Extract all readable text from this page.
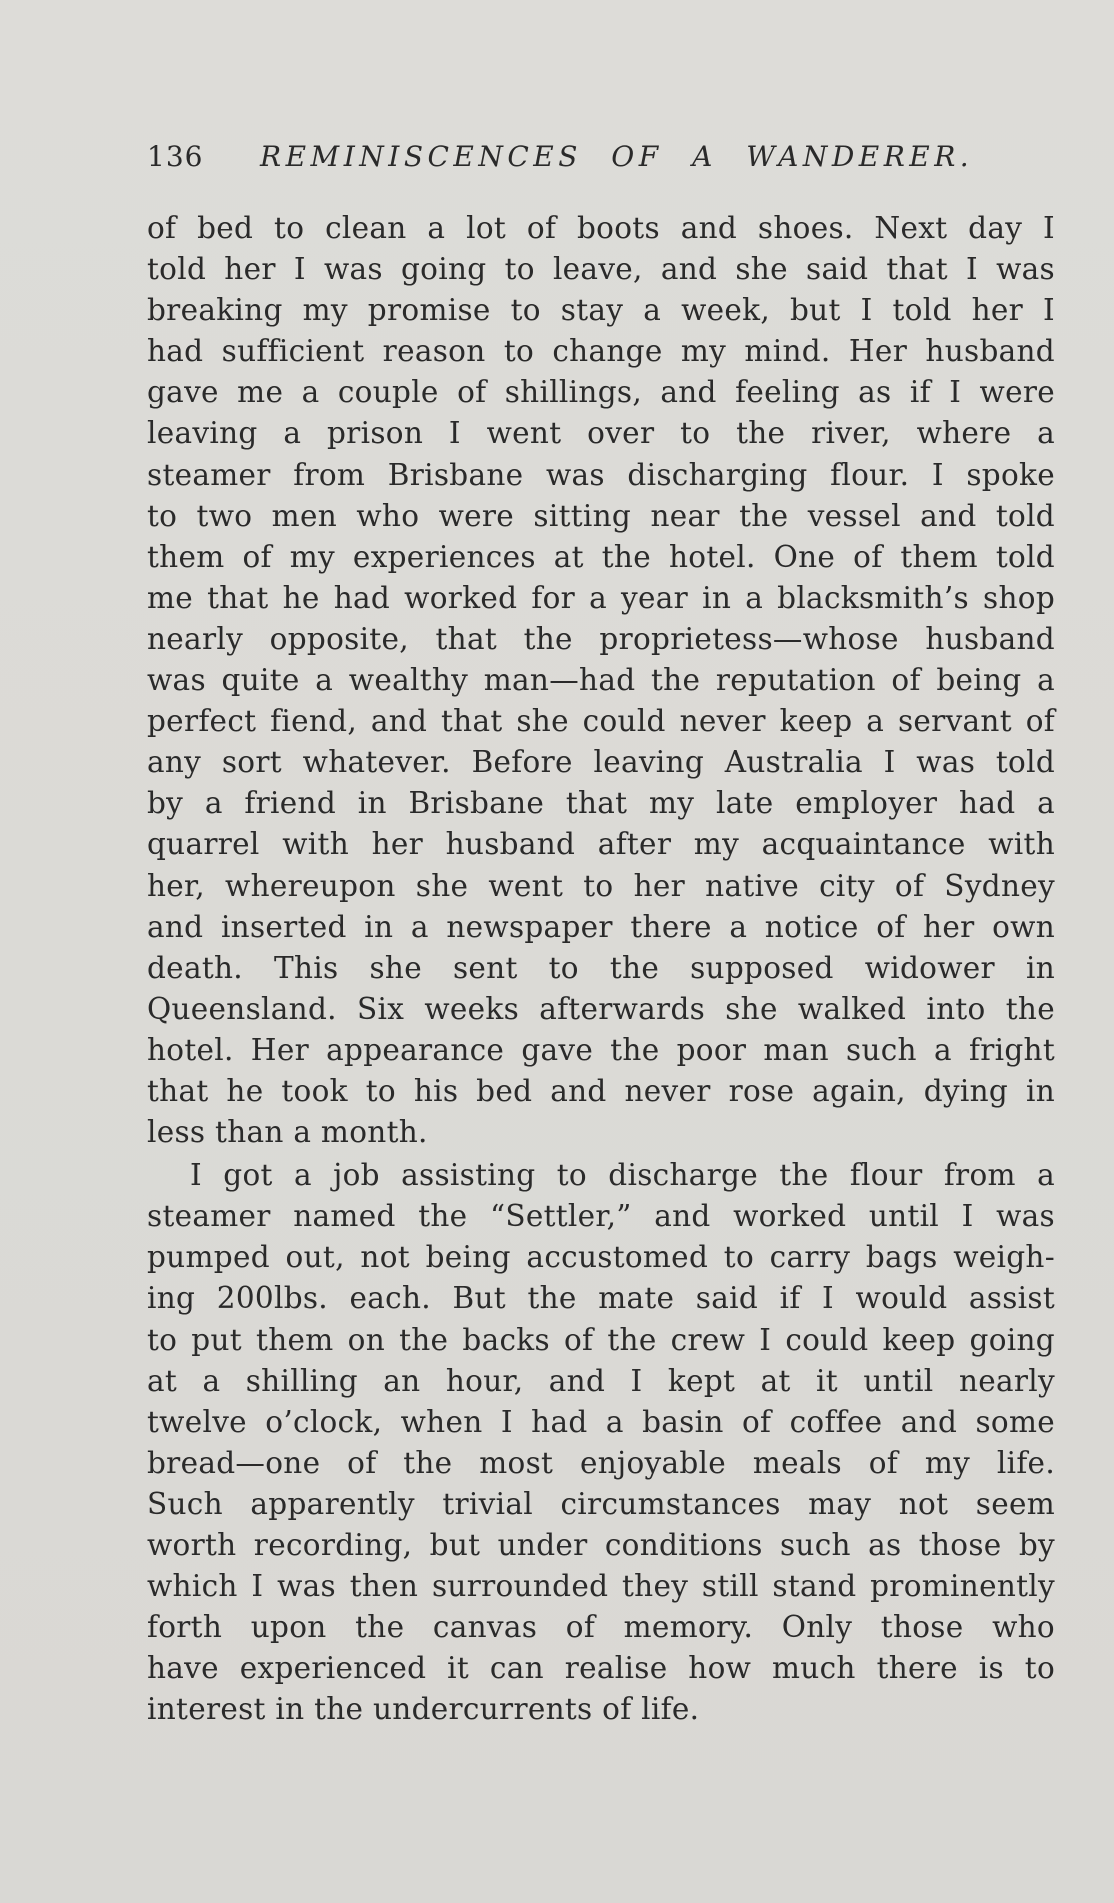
136 REMINISCENCES OF A WANDERER.
of bed to clean a lot of boots and shoes. Next day I
told her I was going to leave, and she said that I was
breaking my promise to stay a week, but I told her I
had sufficient reason to change my mind. Her husband
gave me a couple of shillings, and feeling as if I were
leaving a prison I went over to the river, where a
steamer from Brisbane was discharging flour. I spoke
to two men who were sitting near the vessel and told
them of my experiences at the hotel. One of them told
me that he had worked for a year in a blacksmith’s shop
nearly opposite, that the proprietess—whose husband
was quite a wealthy man—had the reputation of being a
perfect fiend, and that she could never keep a servant of
any sort whatever. Before leaving Australia I was told
by a friend in Brisbane that my late employer had a
quarrel with her husband after my acquaintance with
her, whereupon she went to her native city of Sydney
and inserted in a newspaper there a notice of her own
death. This she sent to the supposed widower in
Queensland. Six weeks afterwards she walked into the
hotel. Her appearance gave the poor man such a fright
that he took to his bed and never rose again, dying in
less than a month.
I got a job assisting to discharge the flour from a
steamer named the “Settler,” and worked until I was
pumped out, not being accustomed to carry bags weigh-
ing 200lbs. each. But the mate said if I would assist
to put them on the backs of the crew I could keep going
at a shilling an hour, and I kept at it until nearly
twelve o’clock, when I had a basin of coffee and some
bread—one of the most enjoyable meals of my life.
Such apparently trivial circumstances may not seem
worth recording, but under conditions such as those by
which I was then surrounded they still stand prominently
forth upon the canvas of memory. Only those who
have experienced it can realise how much there is to
interest in the undercurrents of life.
